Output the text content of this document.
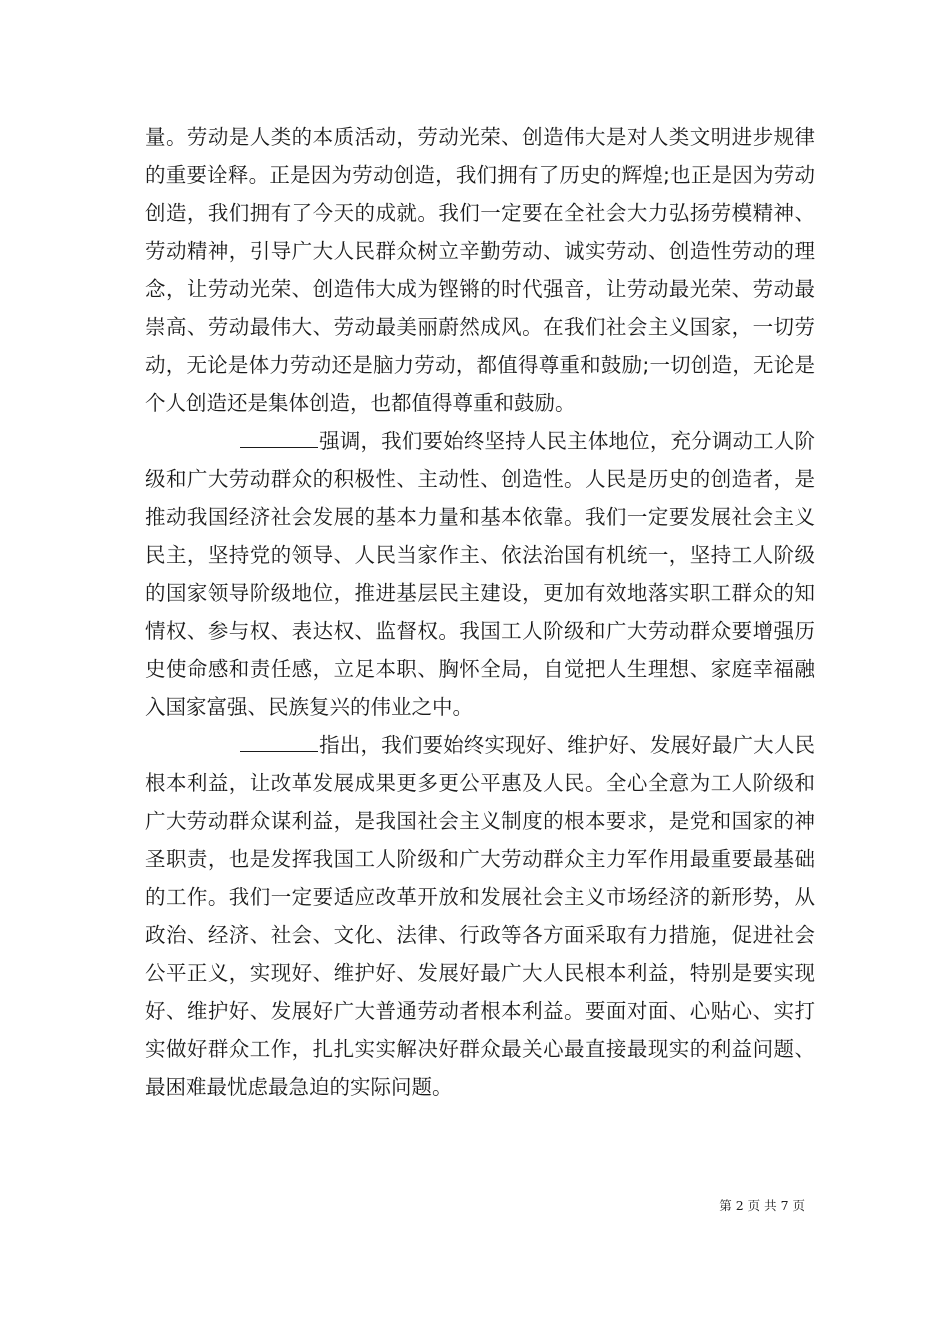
量。劳动是人类的本质活动，劳动光荣、创造伟大是对人类文明进步规律的重要诠释。正是因为劳动创造，我们拥有了历史的辉煌;也正是因为劳动创造，我们拥有了今天的成就。我们一定要在全社会大力弘扬劳模精神、劳动精神，引导广大人民群众树立辛勤劳动、诚实劳动、创造性劳动的理念，让劳动光荣、创造伟大成为铿锵的时代强音，让劳动最光荣、劳动最崇高、劳动最伟大、劳动最美丽蔚然成风。在我们社会主义国家，一切劳动，无论是体力劳动还是脑力劳动，都值得尊重和鼓励;一切创造，无论是个人创造还是集体创造，也都值得尊重和鼓励。

强调，我们要始终坚持人民主体地位，充分调动工人阶级和广大劳动群众的积极性、主动性、创造性。人民是历史的创造者，是推动我国经济社会发展的基本力量和基本依靠。我们一定要发展社会主义民主，坚持党的领导、人民当家作主、依法治国有机统一，坚持工人阶级的国家领导阶级地位，推进基层民主建设，更加有效地落实职工群众的知情权、参与权、表达权、监督权。我国工人阶级和广大劳动群众要增强历史使命感和责任感，立足本职、胸怀全局，自觉把人生理想、家庭幸福融入国家富强、民族复兴的伟业之中。

指出，我们要始终实现好、维护好、发展好最广大人民根本利益，让改革发展成果更多更公平惠及人民。全心全意为工人阶级和广大劳动群众谋利益，是我国社会主义制度的根本要求，是党和国家的神圣职责，也是发挥我国工人阶级和广大劳动群众主力军作用最重要最基础的工作。我们一定要适应改革开放和发展社会主义市场经济的新形势，从政治、经济、社会、文化、法律、行政等各方面采取有力措施，促进社会公平正义，实现好、维护好、发展好最广大人民根本利益，特别是要实现好、维护好、发展好广大普通劳动者根本利益。要面对面、心贴心、实打实做好群众工作，扎扎实实解决好群众最关心最直接最现实的利益问题、最困难最忧虑最急迫的实际问题。

第 2 页 共 7 页
